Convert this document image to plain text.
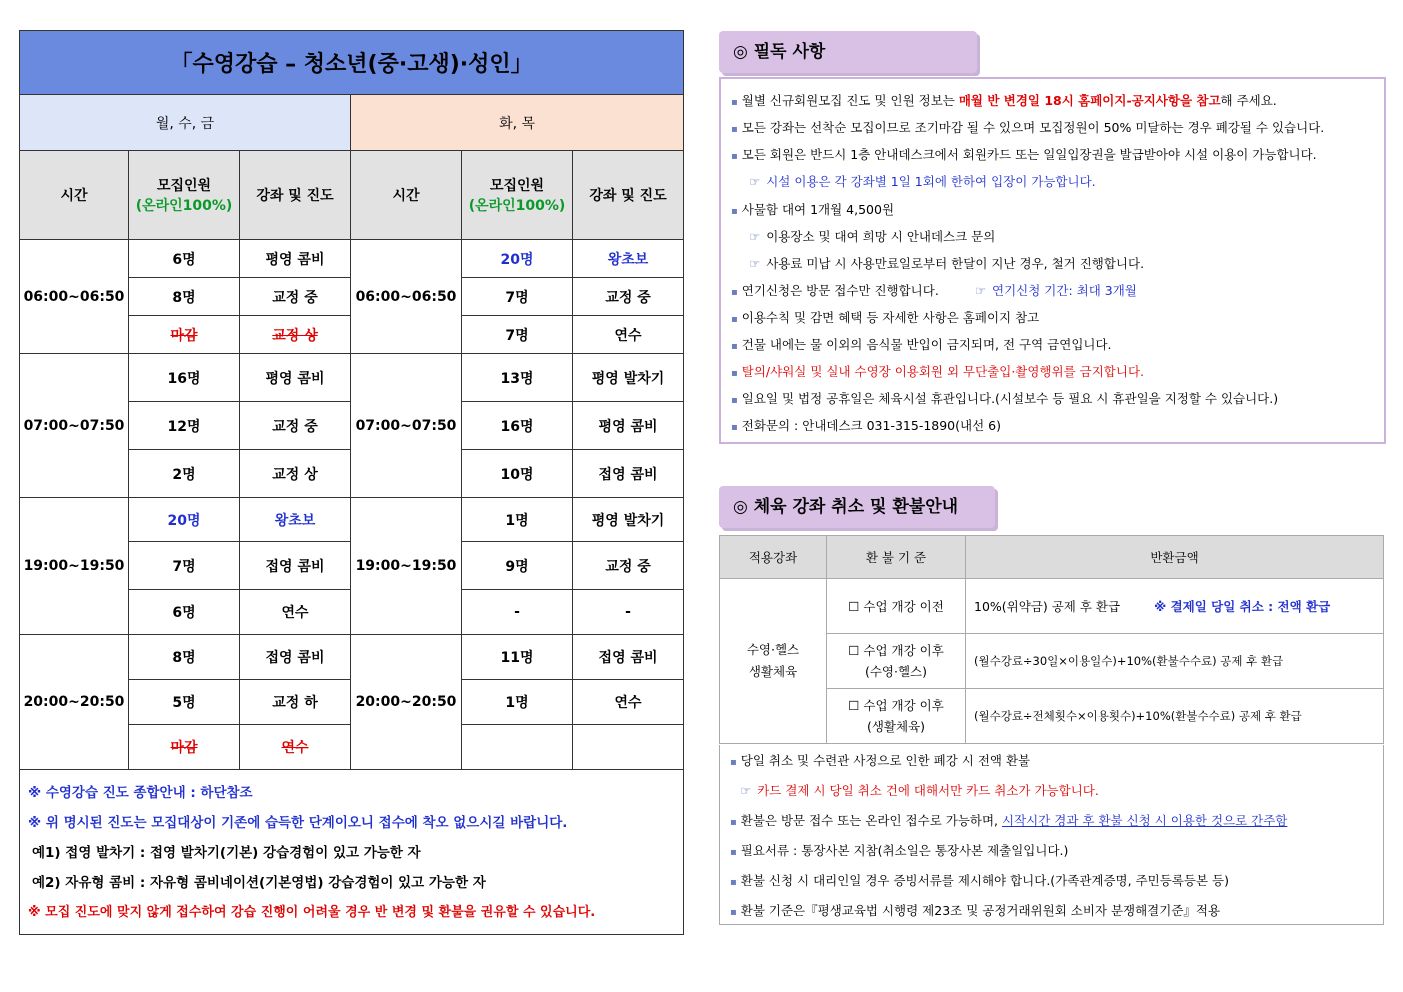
「수영강습 – 청소년(중·고생)·성인」					
월, 수, 금			화, 목		
시간	모집인원
(온라인100%)	강좌 및 진도	시간	모집인원
(온라인100%)	강좌 및 진도
06:00~06:50	6명	평영 콤비	06:00~06:50	20명	왕초보
	8명	교정 중		7명	교정 중
	마감	교정 상		7명	연수
07:00~07:50	16명	평영 콤비	07:00~07:50	13명	평영 발차기
	12명	교정 중		16명	평영 콤비
	2명	교정 상		10명	접영 콤비
19:00~19:50	20명	왕초보	19:00~19:50	1명	평영 발차기
	7명	접영 콤비		9명	교정 중
	6명	연수		-	-
20:00~20:50	8명	접영 콤비	20:00~20:50	11명	접영 콤비
	5명	교정 하		1명	연수
	마감	연수			

※ 수영강습 진도 종합안내 : 하단참조
※ 위 명시된 진도는 모집대상이 기존에 습득한 단계이오니 접수에 착오 없으시길 바랍니다.
예1) 접영 발차기 : 접영 발차기(기본) 강습경험이 있고 가능한 자
예2) 자유형 콤비 : 자유형 콤비네이션(기본영법) 강습경험이 있고 가능한 자
※ 모집 진도에 맞지 않게 접수하여 강습 진행이 어려울 경우 반 변경 및 환불을 권유할 수 있습니다.					
◎ 필독 사항
▪ 월별 신규회원모집 진도 및 인원 정보는 매월 반 변경일 18시 홈페이지-공지사항을 참고해 주세요.
▪ 모든 강좌는 선착순 모집이므로 조기마감 될 수 있으며 모집정원이 50% 미달하는 경우 폐강될 수 있습니다.
▪ 모든 회원은 반드시 1층 안내데스크에서 회원카드 또는 일일입장권을 발급받아야 시설 이용이 가능합니다.
☞ 시설 이용은 각 강좌별 1일 1회에 한하여 입장이 가능합니다.
▪ 사물함 대여 1개월 4,500원
☞ 이용장소 및 대여 희망 시 안내데스크 문의
☞ 사용료 미납 시 사용만료일로부터 한달이 지난 경우, 철거 진행합니다.
▪ 연기신청은 방문 접수만 진행합니다.	☞ 연기신청 기간: 최대 3개월
▪ 이용수칙 및 감면 혜택 등 자세한 사항은 홈페이지 참고
▪ 건물 내에는 물 이외의 음식물 반입이 금지되며, 전 구역 금연입니다.
▪ 탈의/샤워실 및 실내 수영장 이용회원 외 무단출입·촬영행위를 금지합니다.
▪ 일요일 및 법정 공휴일은 체육시설 휴관입니다.(시설보수 등 필요 시 휴관일을 지정할 수 있습니다.)
▪ 전화문의 : 안내데스크 031-315-1890(내선 6)
◎ 체육 강좌 취소 및 환불안내
적용강좌	환 불 기 준	반환금액
수영·헬스
생활체육	☐ 수업 개강 이전	10%(위약금) 공제 후 환급 ※ 결제일 당일 취소 : 전액 환급
	☐ 수업 개강 이후
(수영·헬스)	(월수강료÷30일×이용일수)+10%(환불수수료) 공제 후 환급
	☐ 수업 개강 이후
(생활체육)	(월수강료÷전체횟수×이용횟수)+10%(환불수수료) 공제 후 환급
▪ 당일 취소 및 수련관 사정으로 인한 폐강 시 전액 환불
☞ 카드 결제 시 당일 취소 건에 대해서만 카드 취소가 가능합니다.
▪ 환불은 방문 접수 또는 온라인 접수로 가능하며, 시작시간 경과 후 환불 신청 시 이용한 것으로 간주함
▪ 필요서류 : 통장사본 지참(취소일은 통장사본 제출일입니다.)
▪ 환불 신청 시 대리인일 경우 증빙서류를 제시해야 합니다.(가족관계증명, 주민등록등본 등)
▪ 환불 기준은『평생교육법 시행령 제23조 및 공정거래위원회 소비자 분쟁해결기준』적용
